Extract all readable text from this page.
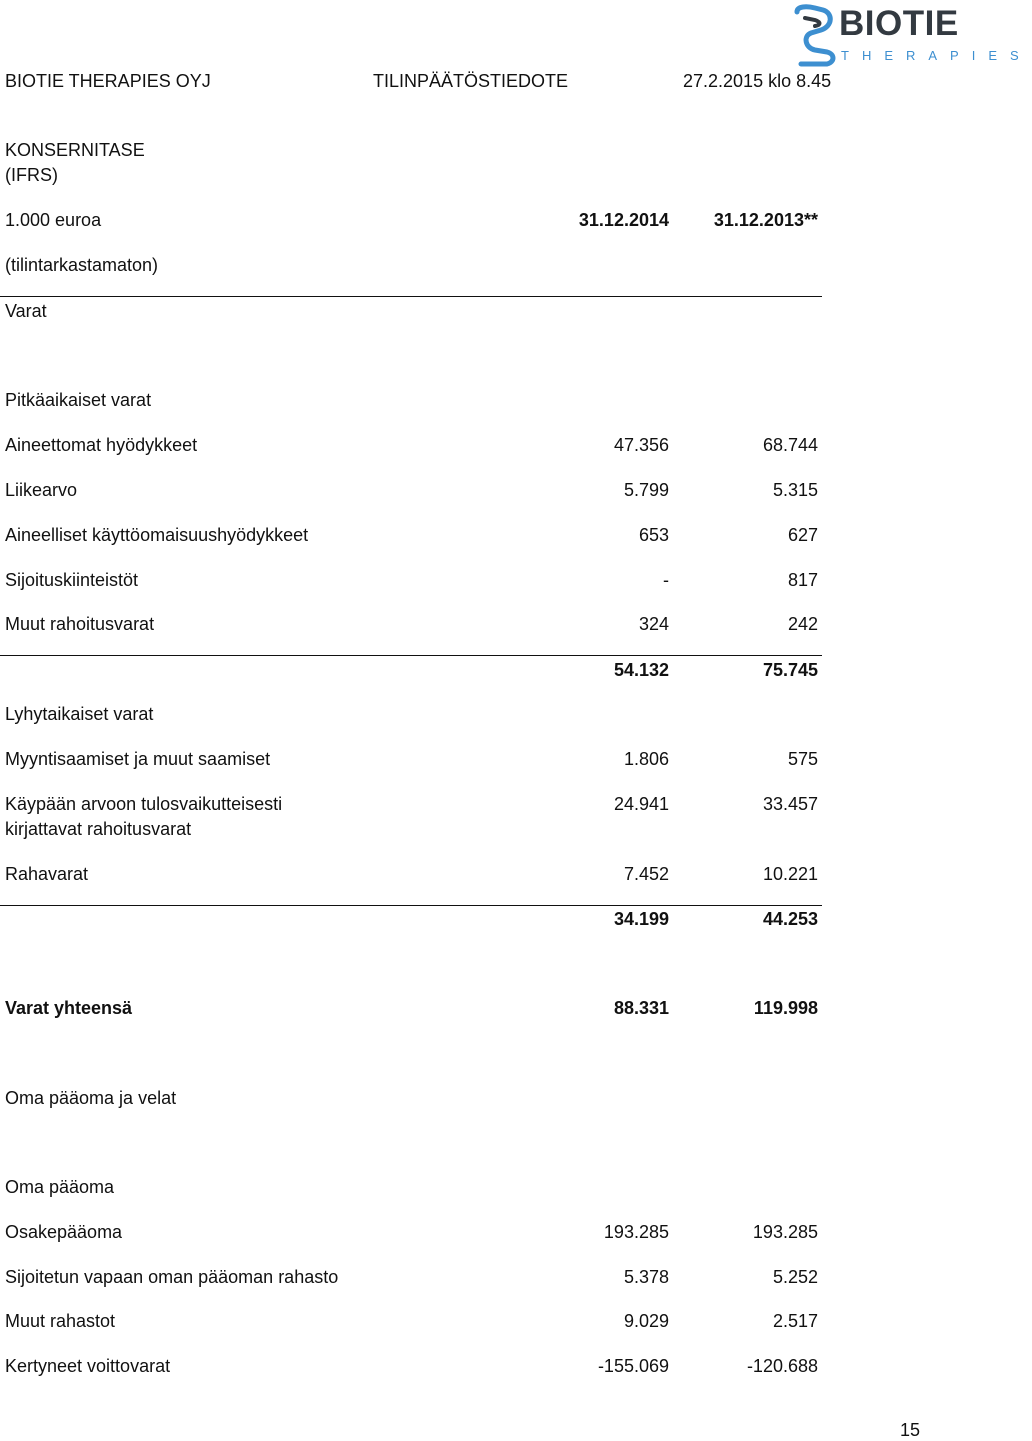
BIOTIE
THERAPIES
BIOTIE THERAPIES OYJ	TILINPÄÄTÖSTIEDOTE	27.2.2015 klo 8.45
KONSERNITASE
(IFRS)
1.000 euroa	31.12.2014 31.12.2013**
(tilintarkastamaton)
Varat
Pitkäaikaiset varat
Aineettomat hyödykkeet	47.356	68.744
Liikearvo	5.799	5.315
Aineelliset käyttöomaisuushyödykkeet	653	627
Sijoituskiinteistöt	-	817
Muut rahoitusvarat	324	242
54.132	75.745
Lyhytaikaiset varat
Myyntisaamiset ja muut saamiset	1.806	575
Käypään arvoon tulosvaikutteisesti
kirjattavat rahoitusvarat
24.941	33.457
Rahavarat	7.452	10.221
34.199	44.253
Varat yhteensä	88.331	119.998
Oma pääoma ja velat
Oma pääoma
Osakepääoma	193.285	193.285
Sijoitetun vapaan oman pääoman rahasto	5.378	5.252
Muut rahastot	9.029	2.517
Kertyneet voittovarat	-155.069	-120.688
15
